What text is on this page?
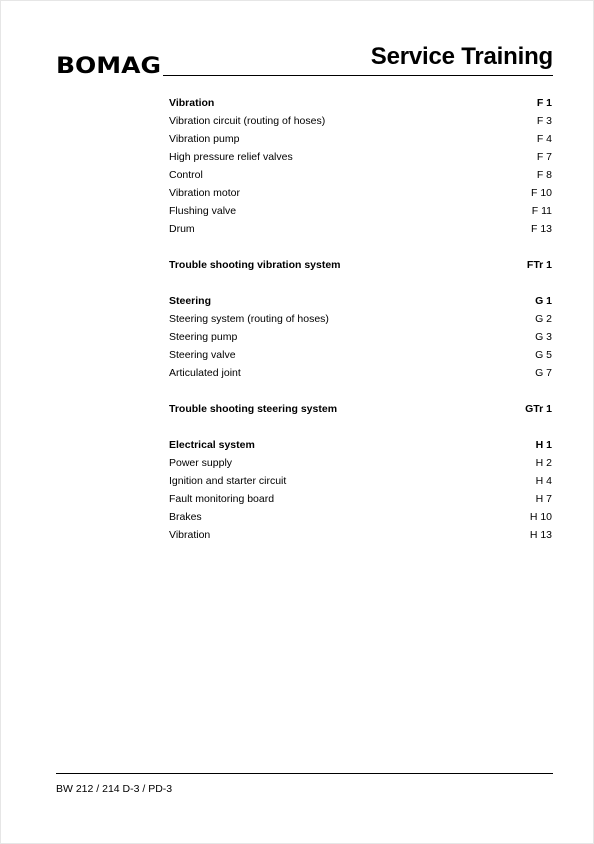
BOMAG	Service Training
Vibration	F 1
Vibration circuit (routing of hoses)	F 3
Vibration pump	F 4
High pressure relief valves	F 7
Control	F 8
Vibration motor	F 10
Flushing valve	F 11
Drum	F 13
Trouble shooting vibration system	FTr 1
Steering	G 1
Steering system (routing of hoses)	G 2
Steering pump	G 3
Steering valve	G 5
Articulated joint	G 7
Trouble shooting steering system	GTr 1
Electrical system	H 1
Power supply	H 2
Ignition and starter circuit	H 4
Fault monitoring board	H 7
Brakes	H 10
Vibration	H 13
BW 212 / 214 D-3 / PD-3
